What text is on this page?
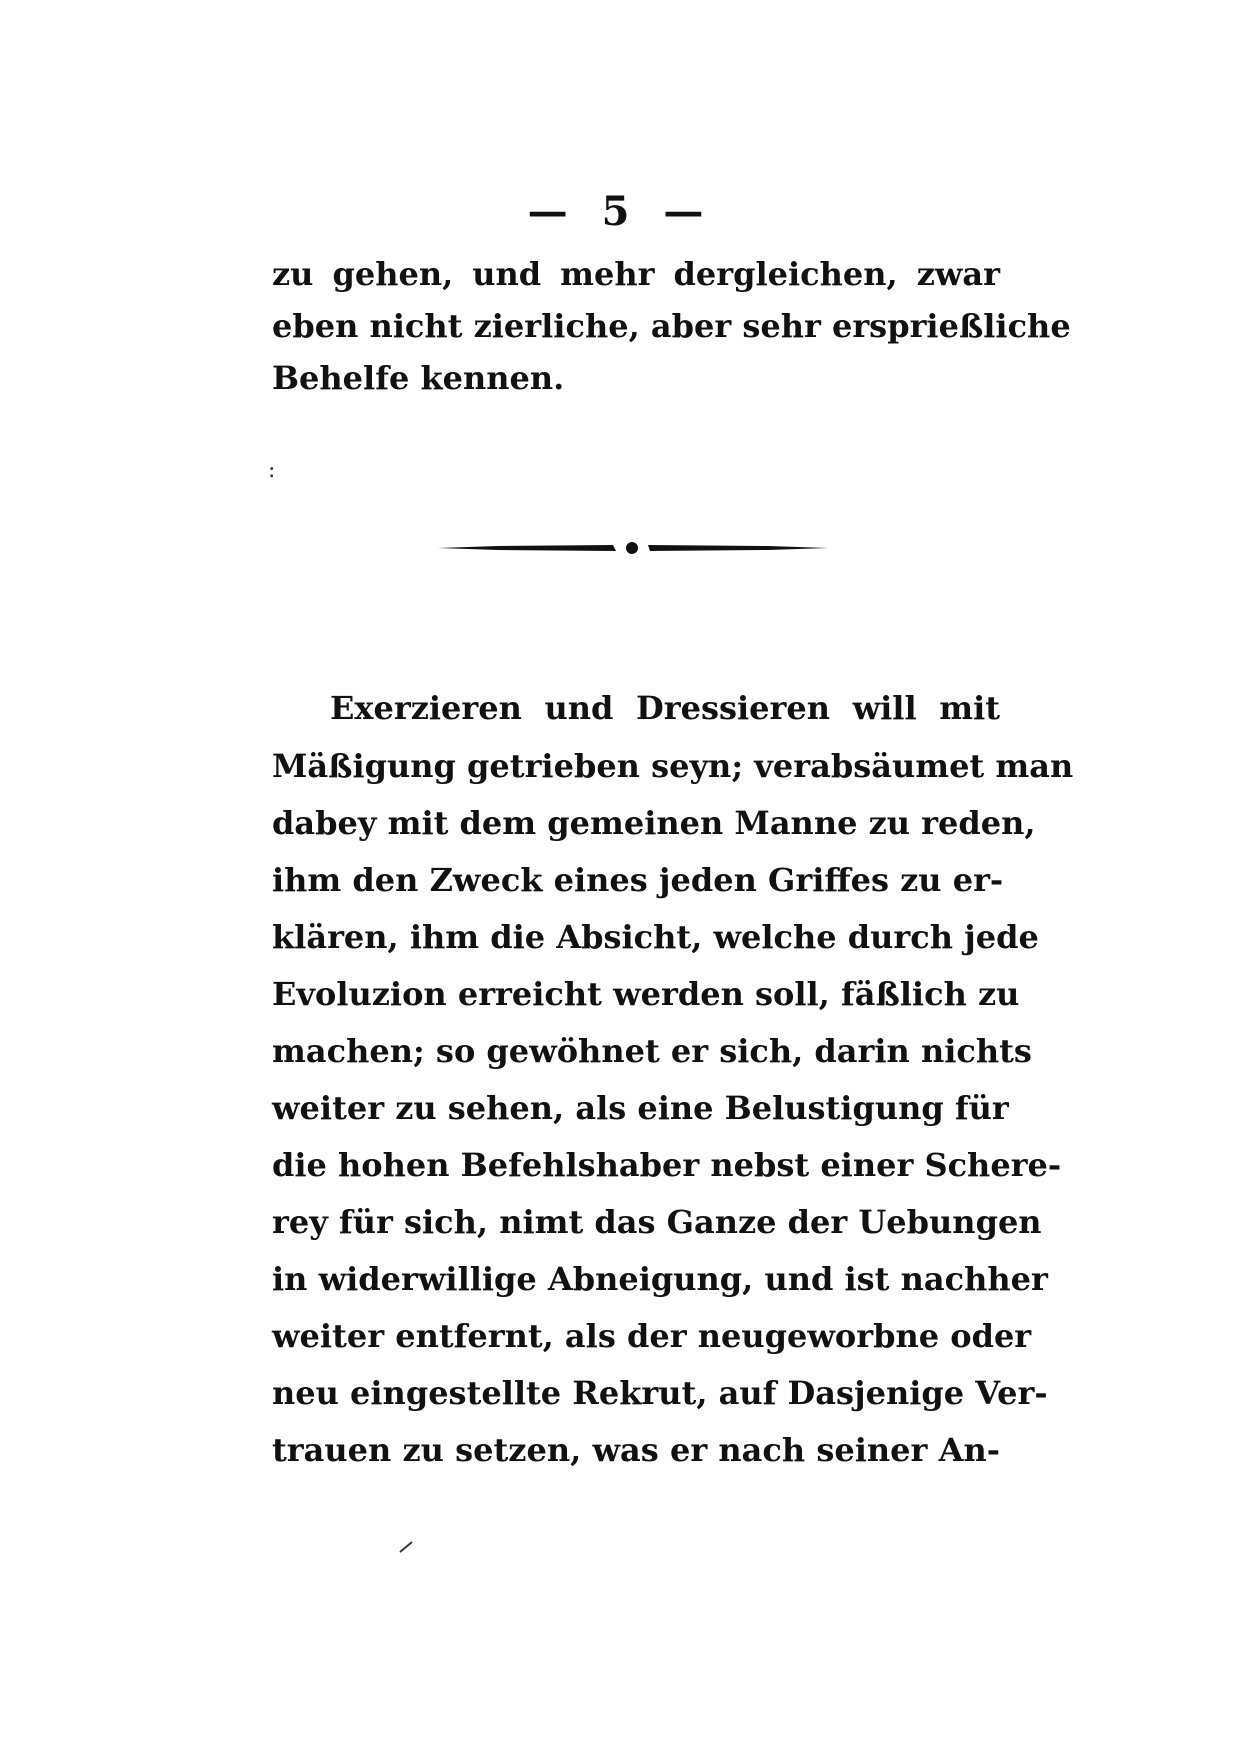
— 5 —
zu gehen, und mehr dergleichen, zwar
eben nicht zierliche, aber sehr ersprießliche
Behelfe kennen.
:
Exerzieren und Dressieren will mit
Mäßigung getrieben seyn; verabsäumet man
dabey mit dem gemeinen Manne zu reden,
ihm den Zweck eines jeden Griffes zu er-
klären, ihm die Absicht, welche durch jede
Evoluzion erreicht werden soll, fäßlich zu
machen; so gewöhnet er sich, darin nichts
weiter zu sehen, als eine Belustigung für
die hohen Befehlshaber nebst einer Schere-
rey für sich, nimt das Ganze der Uebungen
in widerwillige Abneigung, und ist nachher
weiter entfernt, als der neugeworbne oder
neu eingestellte Rekrut, auf Dasjenige Ver-
trauen zu setzen, was er nach seiner An-
